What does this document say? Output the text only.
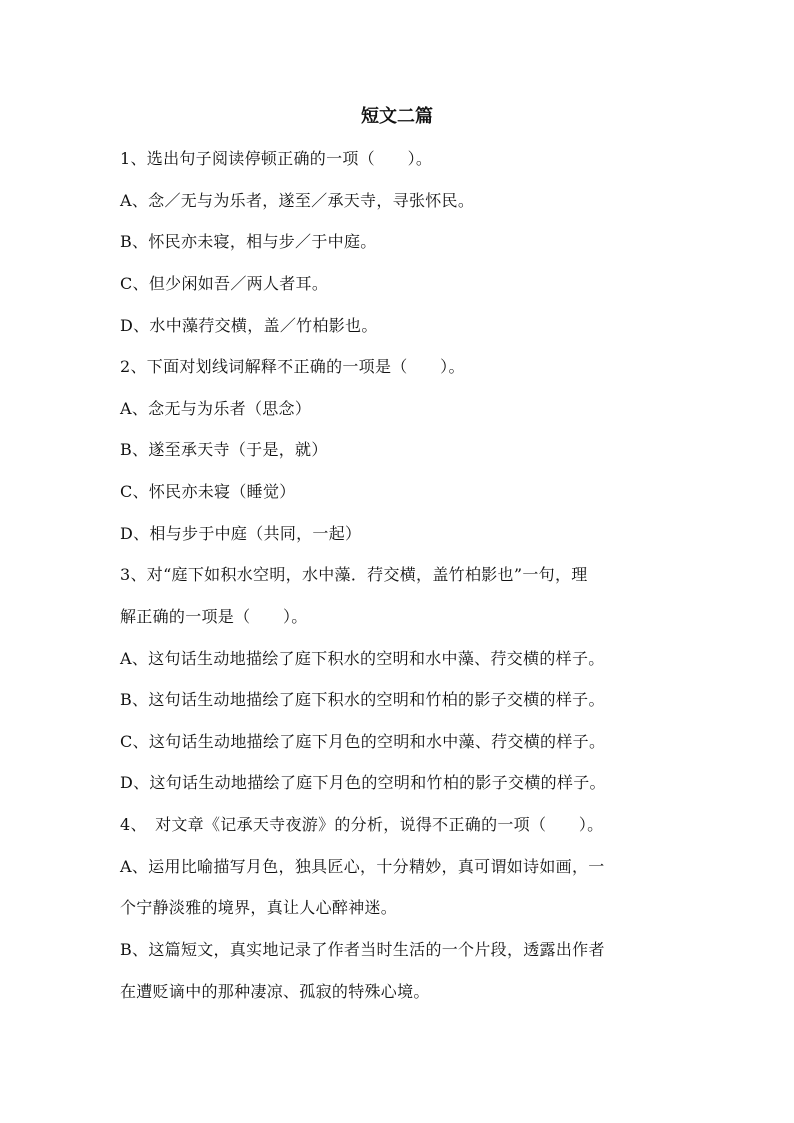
短文二篇
1、选出句子阅读停顿正确的一项（　　）。
A、念／无与为乐者，遂至／承天寺，寻张怀民。
B、怀民亦未寝，相与步／于中庭。
C、但少闲如吾／两人者耳。
D、水中藻荇交横，盖／竹柏影也。
2、下面对划线词解释不正确的一项是（　　）。
A、念无与为乐者（思念）
B、遂至承天寺（于是，就）
C、怀民亦未寝（睡觉）
D、相与步于中庭（共同，一起）
3、对“庭下如积水空明，水中藻．荇交横，盖竹柏影也”一句，理
解正确的一项是（　　）。
A、这句话生动地描绘了庭下积水的空明和水中藻、荇交横的样子。
B、这句话生动地描绘了庭下积水的空明和竹柏的影子交横的样子。
C、这句话生动地描绘了庭下月色的空明和水中藻、荇交横的样子。
D、这句话生动地描绘了庭下月色的空明和竹柏的影子交横的样子。
4、　对文章《记承天寺夜游》的分析，说得不正确的一项（　　）。
A、运用比喻描写月色，独具匠心，十分精妙，真可谓如诗如画，一
个宁静淡雅的境界，真让人心醉神迷。
B、这篇短文，真实地记录了作者当时生活的一个片段，透露出作者
在遭贬谪中的那种凄凉、孤寂的特殊心境。
